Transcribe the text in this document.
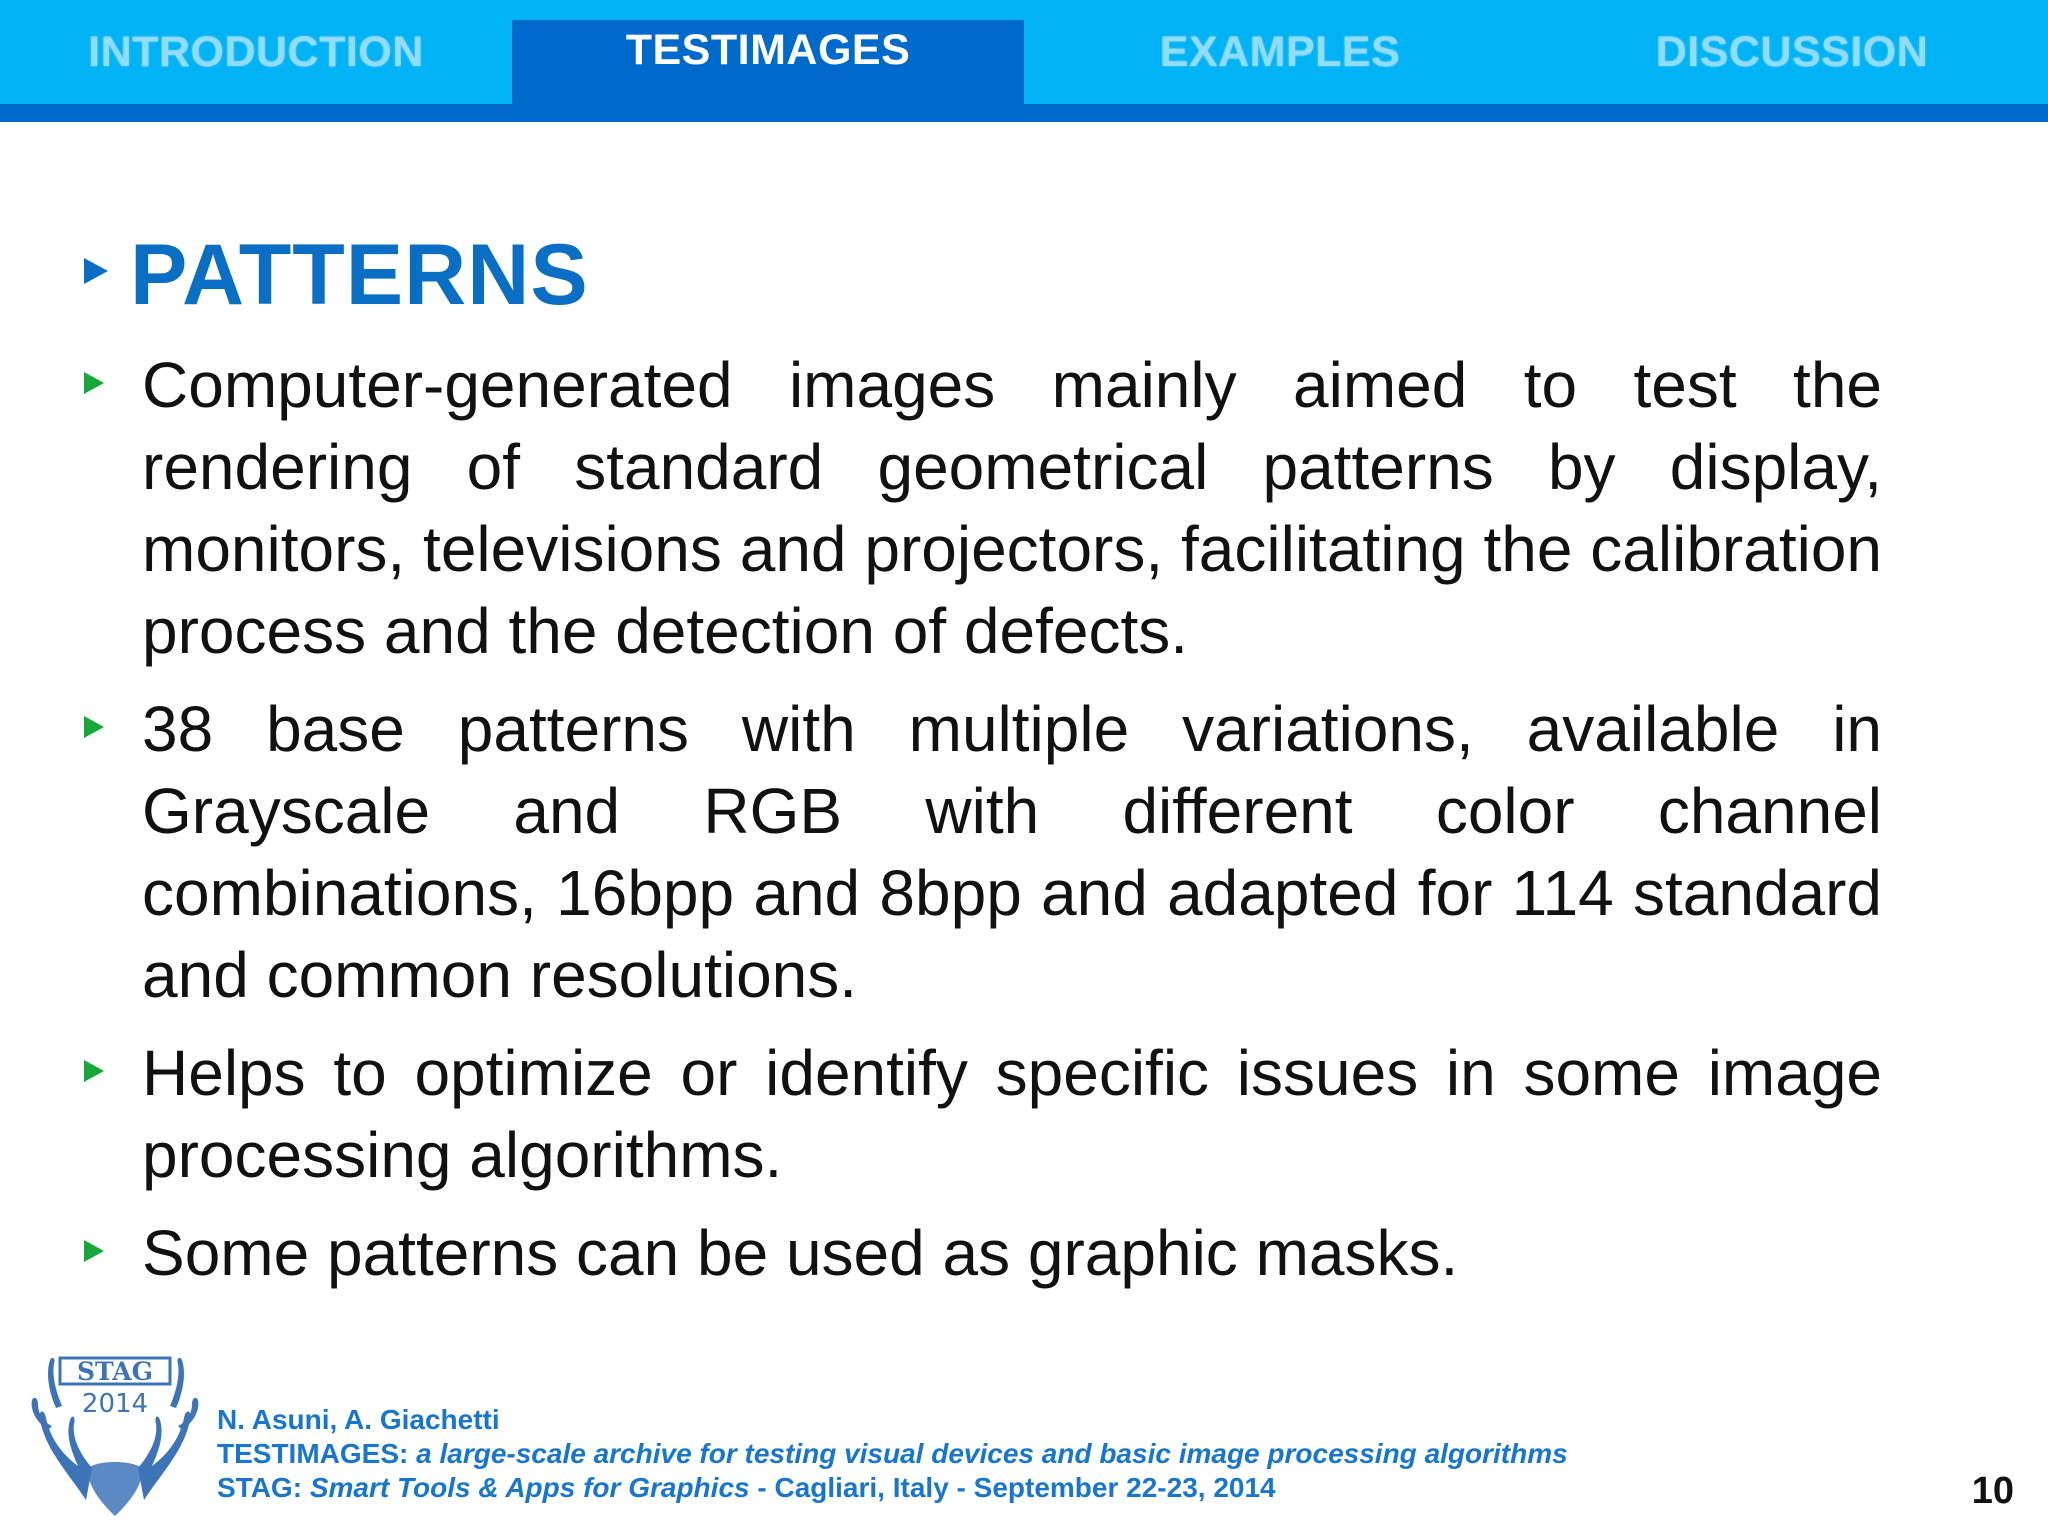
INTRODUCTION	TESTIMAGES	EXAMPLES	DISCUSSION
PATTERNS
Computer-generated images mainly aimed to test the rendering of standard geometrical patterns by display, monitors, televisions and projectors, facilitating the calibration process and the detection of defects.
38 base patterns with multiple variations, available in Grayscale and RGB with different color channel combinations, 16bpp and 8bpp and adapted for 114 standard and common resolutions.
Helps to optimize or identify specific issues in some image processing algorithms.
Some patterns can be used as graphic masks.
STAG
2014 N. Asuni, A. Giachetti
TESTIMAGES: a large-scale archive for testing visual devices and basic image processing algorithms
STAG: Smart Tools & Apps for Graphics - Cagliari, Italy - September 22-23, 2014	10
